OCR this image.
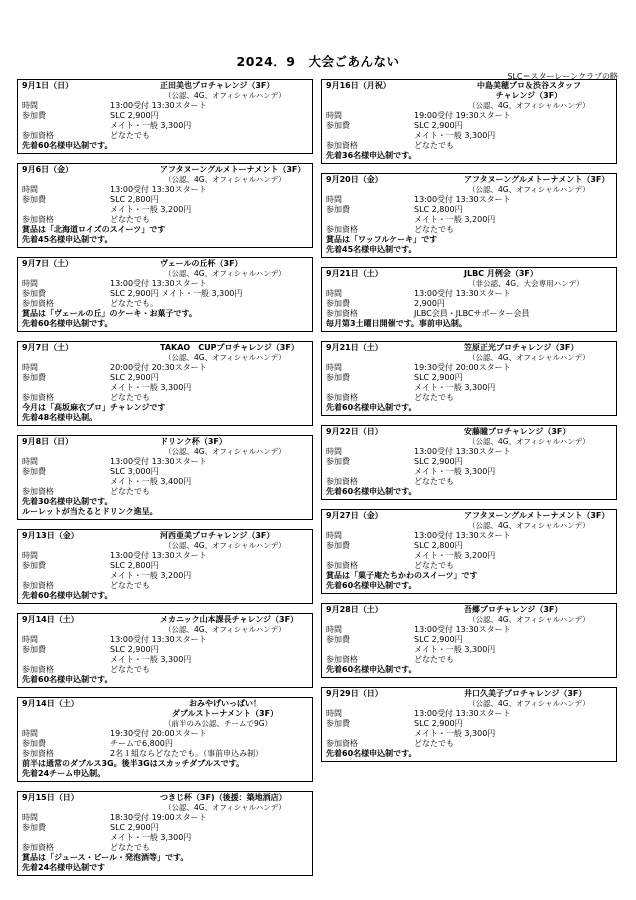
2024．9　大会ごあんない
SLC＝スターレーンクラブの略
9月1日（日）	正田美也プロチャレンジ（3F）
（公認、4G、オフィシャルハンデ）
時間	13:00受付 13:30スタート
参加費	SLC 2,900円
メイト・一般 3,300円
参加資格	どなたでも
先着60名様申込制です。
9月6日（金）	アフタヌーングルメトーナメント（3F）
（公認、4G、オフィシャルハンデ）
時間	13:00受付 13:30スタート
参加費	SLC 2,800円
メイト・一般 3,200円
参加資格	どなたでも
賞品は「北海道ロイズのスイーツ」です
先着45名様申込制です。
9月7日（土）	ヴェールの丘杯（3F）
（公認、4G、オフィシャルハンデ）
時間	13:00受付 13:30スタート
参加費	SLC 2,900円 メイト・一般 3,300円
参加資格	どなたでも。
賞品は「ヴェールの丘」のケーキ・お菓子です。
先着60名様申込制です。
9月7日（土）	TAKAO　CUPプロチャレンジ（3F）
（公認、4G、オフィシャルハンデ）
時間	20:00受付 20:30スタート
参加費	SLC 2,900円
メイト・一般 3,300円
参加資格	どなたでも
今月は「高坂麻衣プロ」チャレンジです
先着48名様申込制。
9月8日（日）	ドリンク杯（3F）
（公認、4G、オフィシャルハンデ）
時間	13:00受付 13:30スタート
参加費	SLC 3,000円
メイト・一般 3,400円
参加資格	どなたでも
先着30名様申込制です。
ルーレットが当たるとドリンク進呈。
9月13日（金）	河西亜美プロチャレンジ（3F）
（公認、4G、オフィシャルハンデ）
時間	13:00受付 13:30スタート
参加費	SLC 2,800円
メイト・一般 3,200円
参加資格	どなたでも
先着60名様申込制です。
9月14日（土）	メカニック山本課長チャレンジ（3F）
（公認、4G、オフィシャルハンデ）
時間	13:00受付 13:30スタート
参加費	SLC 2,900円
メイト・一般 3,300円
参加資格	どなたでも
先着60名様申込制です。
9月14日（土）	おみやげいっぱい！
ダブルストーナメント（3F）
（前半のみ公認、チームで9G）
時間	19:30受付 20:00スタート
参加費	チームで6,800円
参加資格	2名１組ならどなたでも。（事前申込み制）
前半は通常のダブルス3G。後半3Gはスカッチダブルスです。
先着24チーム申込制。
9月15日（日）	つきじ杯（3F)（後援：築地酒店）
（公認、4G、オフィシャルハンデ）
時間	18:30受付 19:00スタート
参加費	SLC 2,900円
メイト・一般 3,300円
参加資格	どなたでも
賞品は「ジュース・ビール・発泡酒等」です。
先着24名様申込制です
9月16日（月祝）	中島美穂プロ＆渋谷スタッフ
チャレンジ（3F）
（公認、4G、オフィシャルハンデ）
時間	19:00受付 19:30スタート
参加費	SLC 2,900円
メイト・一般 3,300円
参加資格	どなたでも
先着36名様申込制です。
9月20日（金）	アフタヌーングルメトーナメント（3F）
（公認、4G、オフィシャルハンデ）
時間	13:00受付 13:30スタート
参加費	SLC 2,800円
メイト・一般 3,200円
参加資格	どなたでも
賞品は「ワッフルケーキ」です
先着45名様申込制です。
9月21日（土）	JLBC 月例会（3F）
（非公認、4G、大会専用ハンデ）
時間	13:00受付 13:30スタート
参加費	2,900円
参加資格	JLBC会員・JLBCサポーター会員
毎月第3土曜日開催です。事前申込制。
9月21日（土）	笠原正光プロチャレンジ（3F）
（公認、4G、オフィシャルハンデ）
時間	19:30受付 20:00スタート
参加費	SLC 2,900円
メイト・一般 3,300円
参加資格	どなたでも
先着60名様申込制です。
9月22日（日）	安藤瞳プロチャレンジ（3F）
（公認、4G、オフィシャルハンデ）
時間	13:00受付 13:30スタート
参加費	SLC 2,900円
メイト・一般 3,300円
参加資格	どなたでも
先着60名様申込制です。
9月27日（金）	アフタヌーングルメトーナメント（3F）
（公認、4G、オフィシャルハンデ）
時間	13:00受付 13:30スタート
参加費	SLC 2,800円
メイト・一般 3,200円
参加資格	どなたでも
賞品は「菓子庵たちかわのスイーツ」です
先着60名様申込制です。
9月28日（土）	吾郷プロチャレンジ（3F）
（公認、4G、オフィシャルハンデ）
時間	13:00受付 13:30スタート
参加費	SLC 2,900円
メイト・一般 3,300円
参加資格	どなたでも
先着60名様申込制です。
9月29日（日）	井口久美子プロチャレンジ（3F）
（公認、4G、オフィシャルハンデ）
時間	13:00受付 13:30スタート
参加費	SLC 2,900円
メイト・一般 3,300円
参加資格	どなたでも
先着60名様申込制です。
